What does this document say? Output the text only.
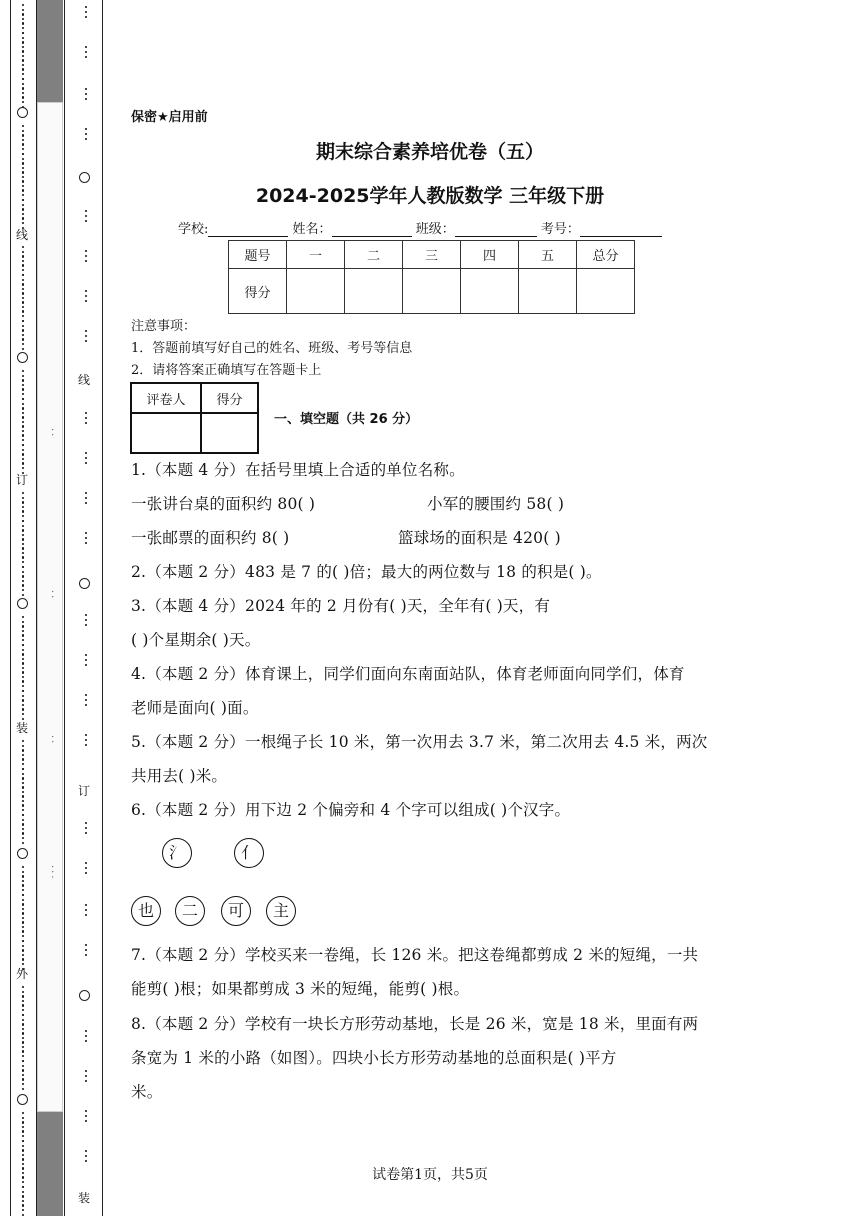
线
订
装
外
线
订
装
··
··
··
···
保密★启用前
期末综合素养培优卷（五）
2024-2025学年人教版数学 三年级下册
学校:	姓名：	班级：	考号：
题号	一	二	三	四	五	总分
得分						
注意事项：
1．答题前填写好自己的姓名、班级、考号等信息
2．请将答案正确填写在答题卡上
评卷人	得分

一、填空题（共 26 分）
1.（本题 4 分）在括号里填上合适的单位名称。
一张讲台桌的面积约 80( )	小军的腰围约 58( )
一张邮票的面积约 8( )	篮球场的面积是 420( )
2.（本题 2 分）483 是 7 的( )倍；最大的两位数与 18 的积是( )。
3.（本题 4 分）2024 年的 2 月份有( )天，全年有( )天，有
( )个星期余( )天。
4.（本题 2 分）体育课上，同学们面向东南面站队，体育老师面向同学们，体育
老师是面向( )面。
5.（本题 2 分）一根绳子长 10 米，第一次用去 3.7 米，第二次用去 4.5 米，两次
共用去( )米。
6.（本题 2 分）用下边 2 个偏旁和 4 个字可以组成( )个汉字。
氵	亻
也	二	可	主
7.（本题 2 分）学校买来一卷绳，长 126 米。把这卷绳都剪成 2 米的短绳，一共
能剪( )根；如果都剪成 3 米的短绳，能剪( )根。
8.（本题 2 分）学校有一块长方形劳动基地，长是 26 米，宽是 18 米，里面有两
条宽为 1 米的小路（如图）。四块小长方形劳动基地的总面积是( )平方
米。
试卷第1页，共5页
